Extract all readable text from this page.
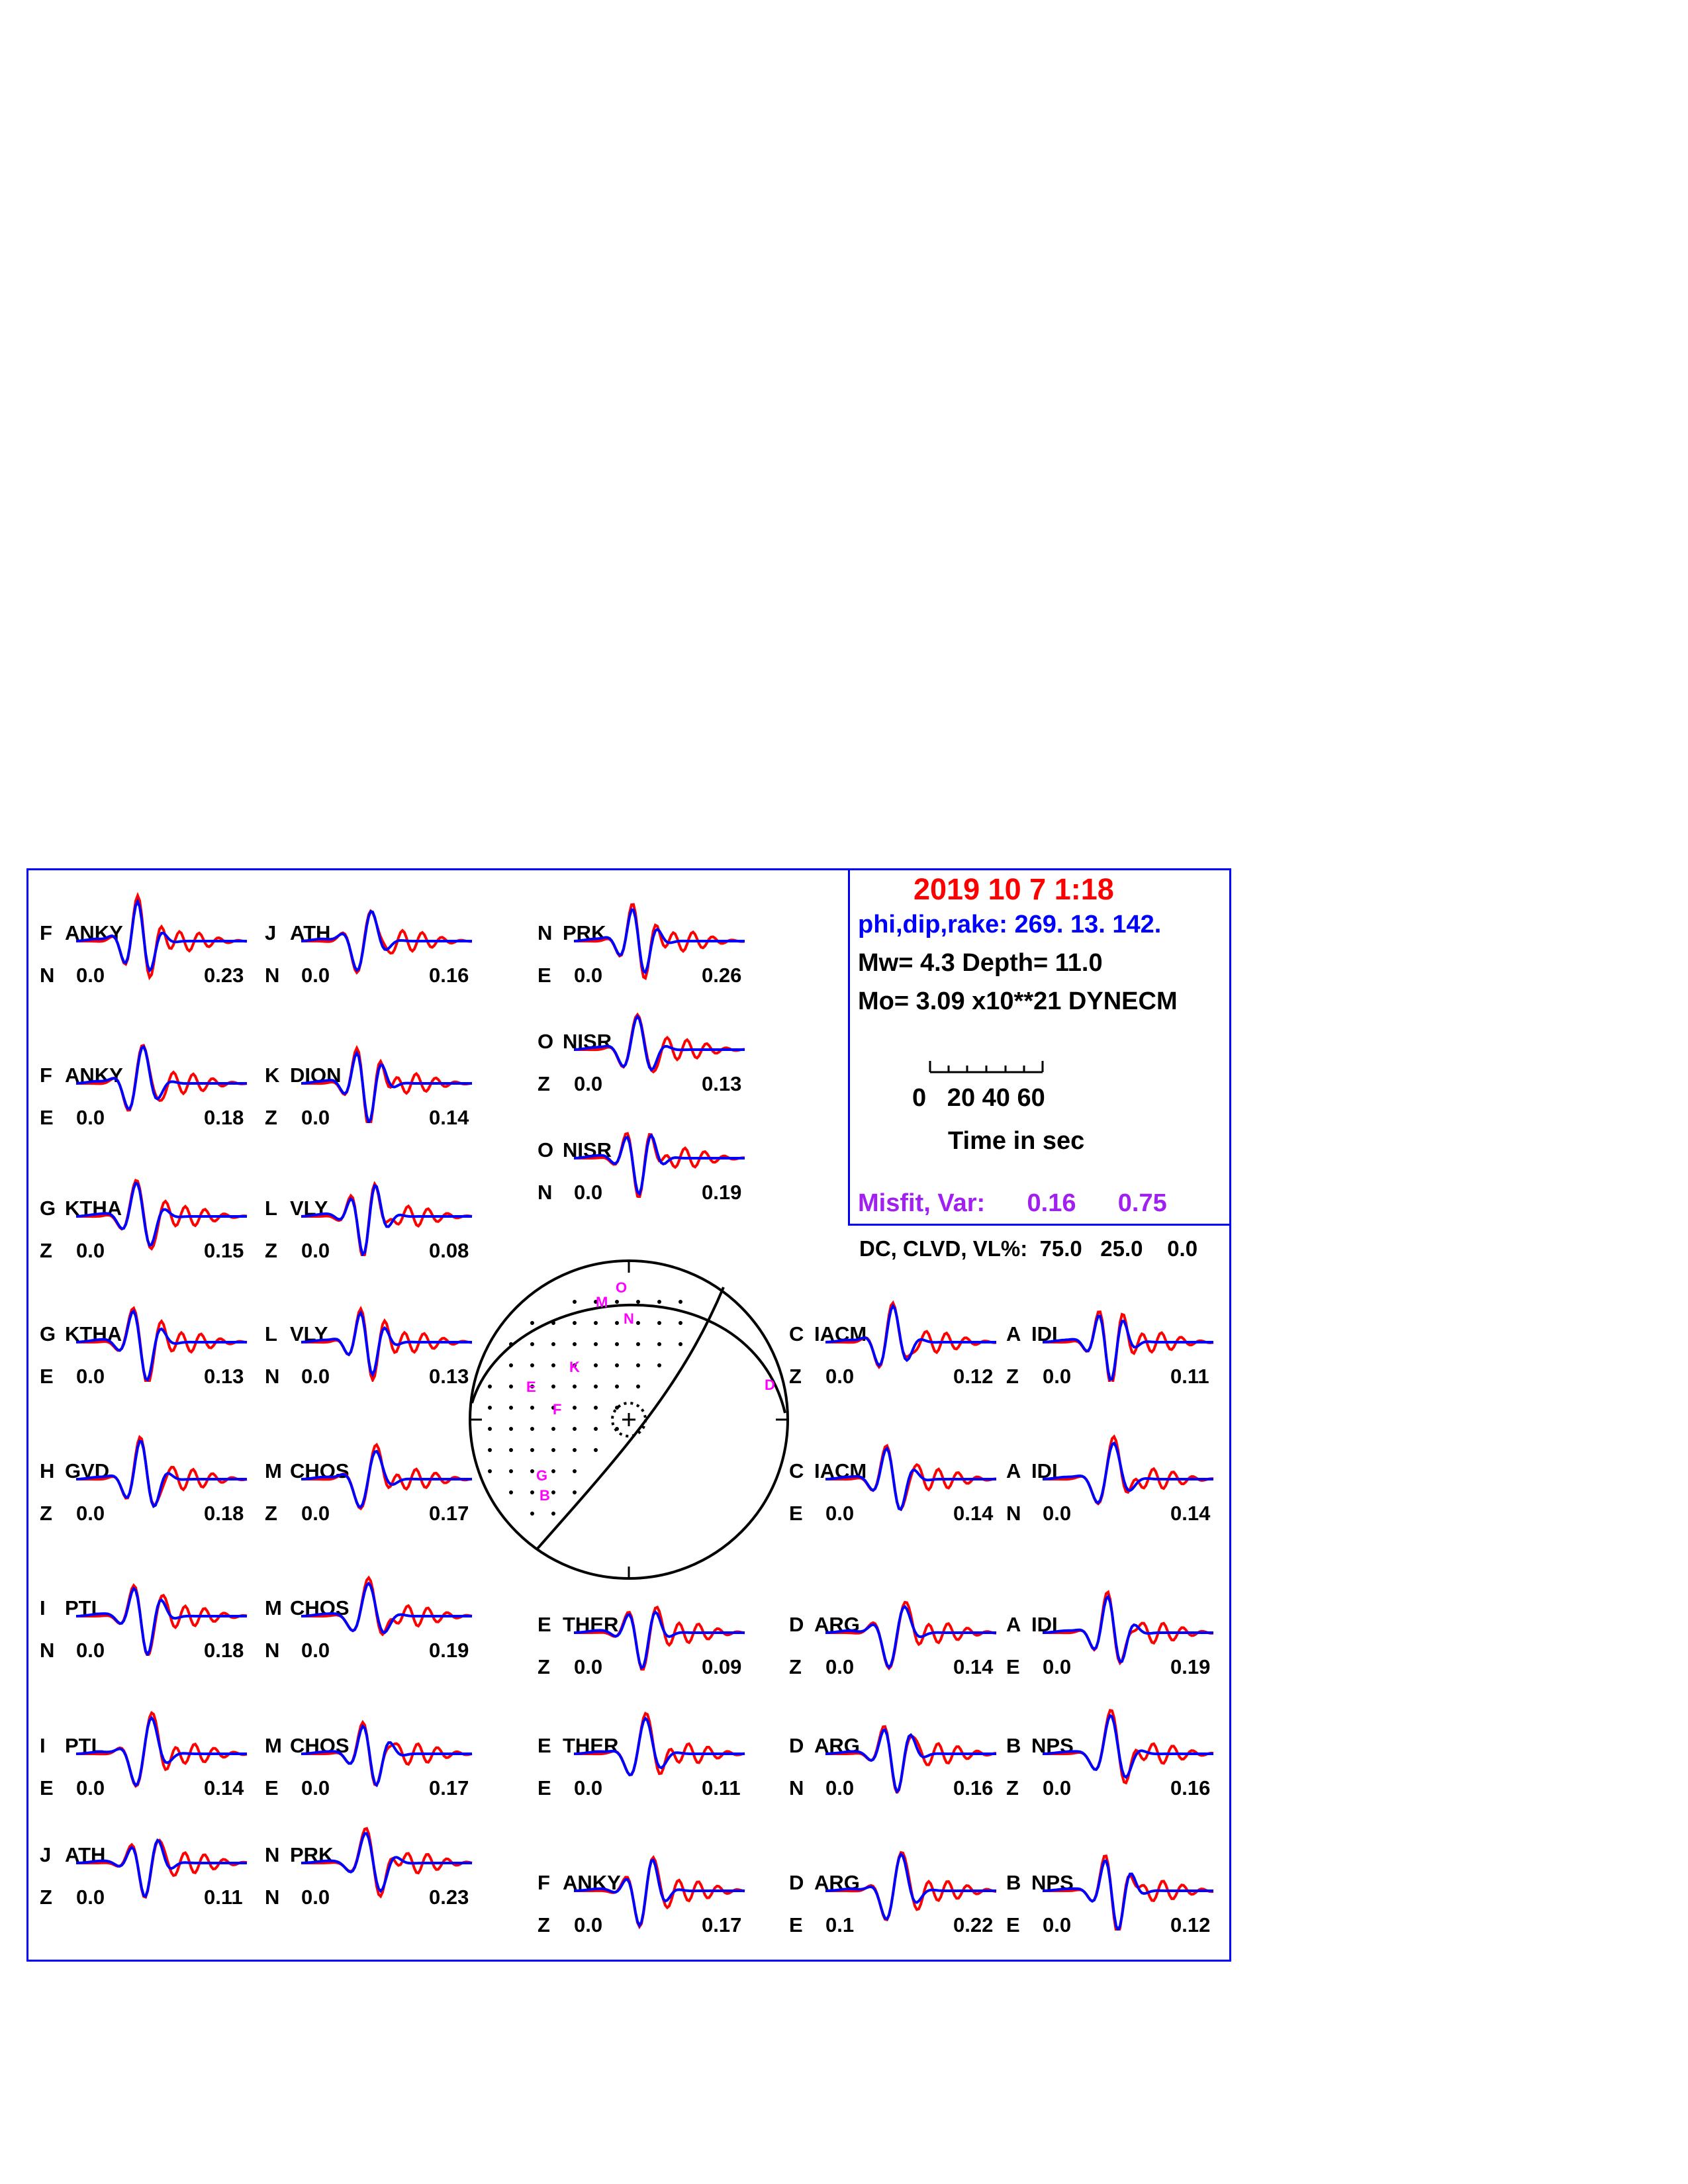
2019 10 7 1:18
phi,dip,rake: 269. 13. 142.
Mw= 4.3 Depth= 11.0
Mo= 3.09 x10**21 DYNECM
0   20 40 60
Time in sec
Misfit, Var:      0.16      0.75
DC, CLVD, VL%:  75.0   25.0    0.0
F ANKY
N 0.0	0.23
J ATH
N 0.0	0.16
N PRK
E 0.0	0.26
F ANKY
E 0.0	0.18
K DION
Z 0.0	0.14
O NISR
Z 0.0	0.13
O NISR
N 0.0	0.19
G KTHA
Z 0.0	0.15
L VLY
Z 0.0	0.08
G KTHA
E 0.0	0.13
L VLY
N 0.0	0.13
C IACM
Z 0.0	0.12
A IDI
Z 0.0	0.11
H GVD
Z 0.0	0.18
M CHOS
Z 0.0	0.17
C IACM
E 0.0	0.14
A IDI
N 0.0	0.14
I PTL
N 0.0	0.18
M CHOS
N 0.0	0.19
E THER
Z 0.0	0.09
D ARG
Z 0.0	0.14
A IDI
E 0.0	0.19
I PTL
E 0.0	0.14
M CHOS
E 0.0	0.17
E THER
E 0.0	0.11
D ARG
N 0.0	0.16
B NPS
Z 0.0	0.16
J ATH
Z 0.0	0.11
N PRK
N 0.0	0.23
F ANKY
Z 0.0	0.17
D ARG
E 0.1	0.22
B NPS
E 0.0	0.12
O
M
N
K
E
F
D
G
B
